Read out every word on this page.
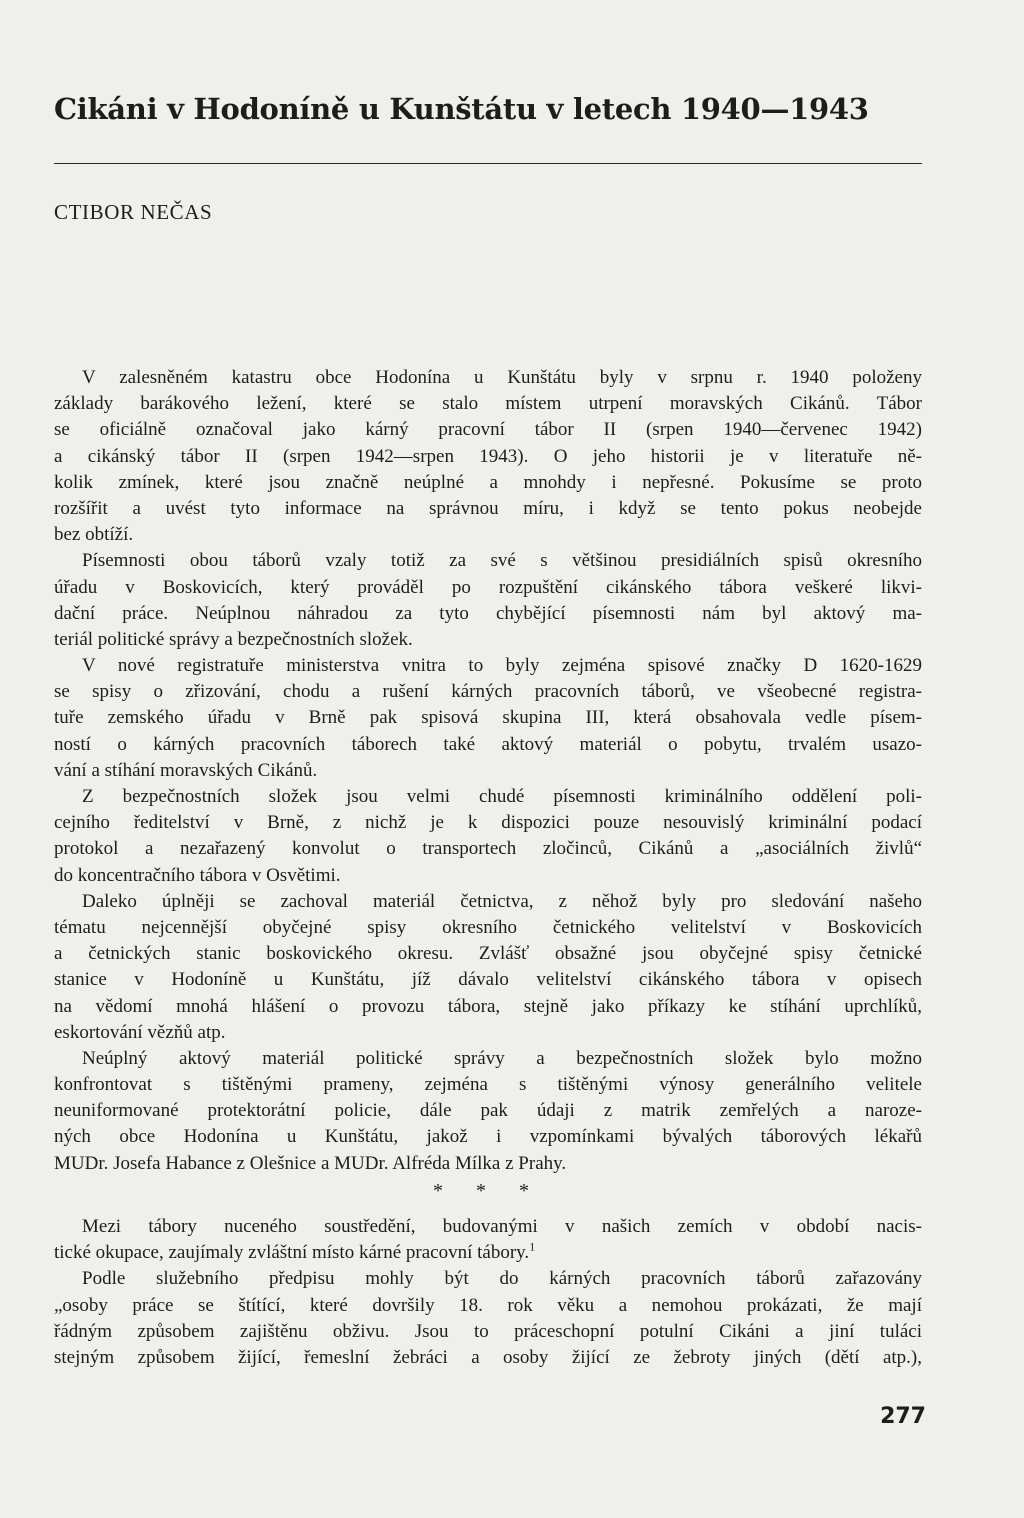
Cikáni v Hodoníně u Kunštátu v letech 1940—1943

CTIBOR NEČAS

V zalesněném katastru obce Hodonína u Kunštátu byly v srpnu r. 1940 položeny
základy barákového ležení, které se stalo místem utrpení moravských Cikánů. Tábor
se oficiálně označoval jako kárný pracovní tábor II (srpen 1940—červenec 1942)
a cikánský tábor II (srpen 1942—srpen 1943). O jeho historii je v literatuře ně-
kolik zmínek, které jsou značně neúplné a mnohdy i nepřesné. Pokusíme se proto
rozšířit a uvést tyto informace na správnou míru, i když se tento pokus neobejde
bez obtíží.
Písemnosti obou táborů vzaly totiž za své s většinou presidiálních spisů okresního
úřadu v Boskovicích, který prováděl po rozpuštění cikánského tábora veškeré likvi-
dační práce. Neúplnou náhradou za tyto chybějící písemnosti nám byl aktový ma-
teriál politické správy a bezpečnostních složek.
V nové registratuře ministerstva vnitra to byly zejména spisové značky D 1620-1629
se spisy o zřizování, chodu a rušení kárných pracovních táborů, ve všeobecné registra-
tuře zemského úřadu v Brně pak spisová skupina III, která obsahovala vedle písem-
ností o kárných pracovních táborech také aktový materiál o pobytu, trvalém usazo-
vání a stíhání moravských Cikánů.
Z bezpečnostních složek jsou velmi chudé písemnosti kriminálního oddělení poli-
cejního ředitelství v Brně, z nichž je k dispozici pouze nesouvislý kriminální podací
protokol a nezařazený konvolut o transportech zločinců, Cikánů a „asociálních živlů“
do koncentračního tábora v Osvětimi.
Daleko úplněji se zachoval materiál četnictva, z něhož byly pro sledování našeho
tématu nejcennější obyčejné spisy okresního četnického velitelství v Boskovicích
a četnických stanic boskovického okresu. Zvlášť obsažné jsou obyčejné spisy četnické
stanice v Hodoníně u Kunštátu, jíž dávalo velitelství cikánského tábora v opisech
na vědomí mnohá hlášení o provozu tábora, stejně jako příkazy ke stíhání uprchlíků,
eskortování vězňů atp.
Neúplný aktový materiál politické správy a bezpečnostních složek bylo možno
konfrontovat s tištěnými prameny, zejména s tištěnými výnosy generálního velitele
neuniformované protektorátní policie, dále pak údaji z matrik zemřelých a naroze-
ných obce Hodonína u Kunštátu, jakož i vzpomínkami bývalých táborových lékařů
MUDr. Josefa Habance z Olešnice a MUDr. Alfréda Mílka z Prahy.

* * *

Mezi tábory nuceného soustředění, budovanými v našich zemích v období nacis-
tické okupace, zaujímaly zvláštní místo kárné pracovní tábory.$^1$
Podle služebního předpisu mohly být do kárných pracovních táborů zařazovány
„osoby práce se štítící, které dovršily 18. rok věku a nemohou prokázati, že mají
řádným způsobem zajištěnu obživu. Jsou to práceschopní potulní Cikáni a jiní tuláci
stejným způsobem žijící, řemeslní žebráci a osoby žijící ze žebroty jiných (dětí atp.),

277
